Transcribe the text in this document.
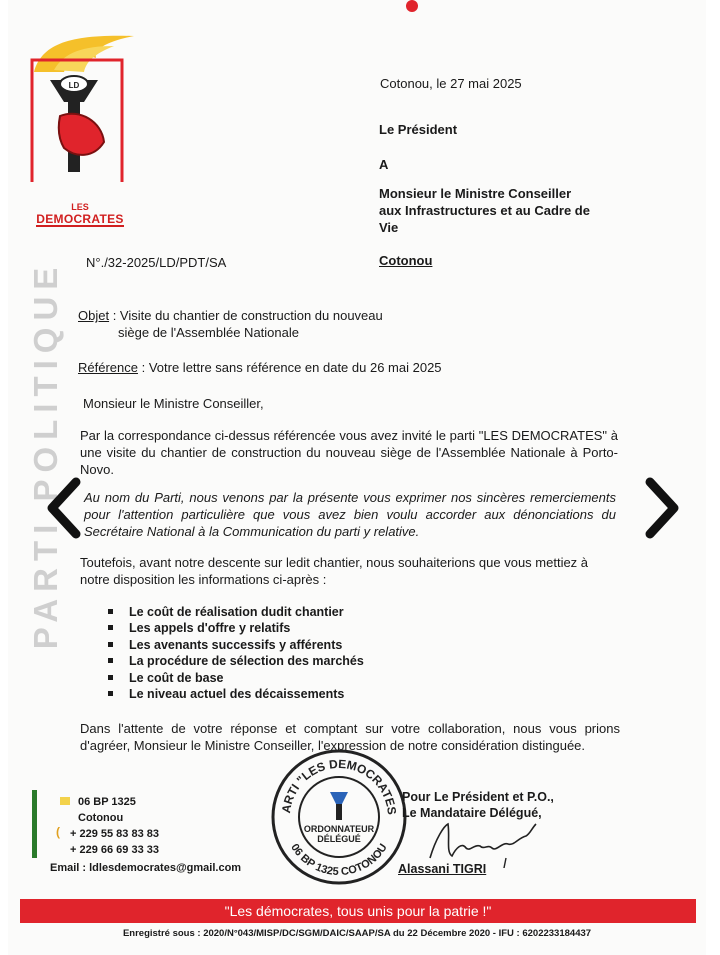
LD
LES
DEMOCRATES
PARTI POLITIQUE
Cotonou, le 27 mai 2025
Le Président
A
Monsieur le Ministre Conseiller
aux Infrastructures et au Cadre de
Vie
Cotonou
N°./32-2025/LD/PDT/SA
Objet : Visite du chantier de construction du nouveau
siège de l'Assemblée Nationale
Référence : Votre lettre sans référence en date du 26 mai 2025
Monsieur le Ministre Conseiller,
Par la correspondance ci-dessus référencée vous avez invité le parti "LES DEMOCRATES" à une visite du chantier de construction du nouveau siège de l'Assemblée Nationale à Porto-Novo.
Au nom du Parti, nous venons par la présente vous exprimer nos sincères remerciements pour l'attention particulière que vous avez bien voulu accorder aux dénonciations du Secrétaire National à la Communication du parti y relative.
Toutefois, avant notre descente sur ledit chantier, nous souhaiterions que vous mettiez à notre disposition les informations ci-après :
Le coût de réalisation dudit chantier
Les appels d'offre y relatifs
Les avenants successifs y afférents
La procédure de sélection des marchés
Le coût de base
Le niveau actuel des décaissements
Dans l'attente de votre réponse et comptant sur votre collaboration, nous vous prions d'agréer, Monsieur le Ministre Conseiller, l'expression de notre considération distinguée.
06 BP 1325
Cotonou
( + 229 55 83 83 83
+ 229 66 69 33 33
Email : ldlesdemocrates@gmail.com
ARTI "LES DEMOCRATES
06 BP 1325 COTONOU
ORDONNATEUR
DÉLÉGUÉ
Pour Le Président et P.O.,
Le Mandataire Délégué,
Alassani TIGRI
"Les démocrates, tous unis pour la patrie !"
Enregistré sous : 2020/N°043/MISP/DC/SGM/DAIC/SAAP/SA du 22 Décembre 2020 - IFU : 6202233184437
